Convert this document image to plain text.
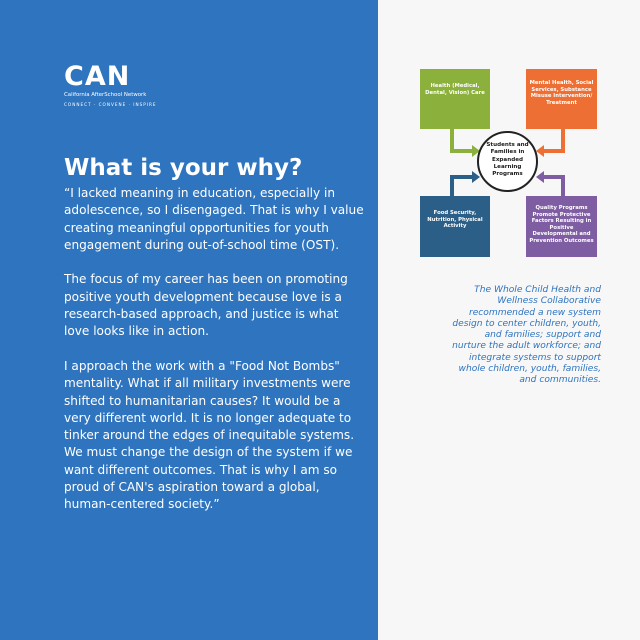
CAN
California AfterSchool Network
CONNECT · CONVENE · INSPIRE
What is your why?

“I lacked meaning in education, especially in adolescence, so I disengaged. That is why I value creating meaningful opportunities for youth engagement during out-of-school time (OST).

The focus of my career has been on promoting positive youth development because love is a research-based approach, and justice is what love looks like in action.

I approach the work with a "Food Not Bombs" mentality. What if all military investments were shifted to humanitarian causes? It would be a very different world. It is no longer adequate to tinker around the edges of inequitable systems. We must change the design of the system if we want different outcomes. That is why I am so proud of CAN's aspiration toward a global, human-centered society.”

Health (Medical, Dental, Vision) Care
Mental Health, Social Services, Substance Misuse Intervention/ Treatment
Food Security, Nutrition, Physical Activity
Quality Programs Promote Protective Factors Resulting in Positive Developmental and Prevention Outcomes
Students and Families in Expanded Learning Programs

The Whole Child Health and Wellness Collaborative recommended a new system design to center children, youth, and families; support and nurture the adult workforce; and integrate systems to support whole children, youth, families, and communities.
